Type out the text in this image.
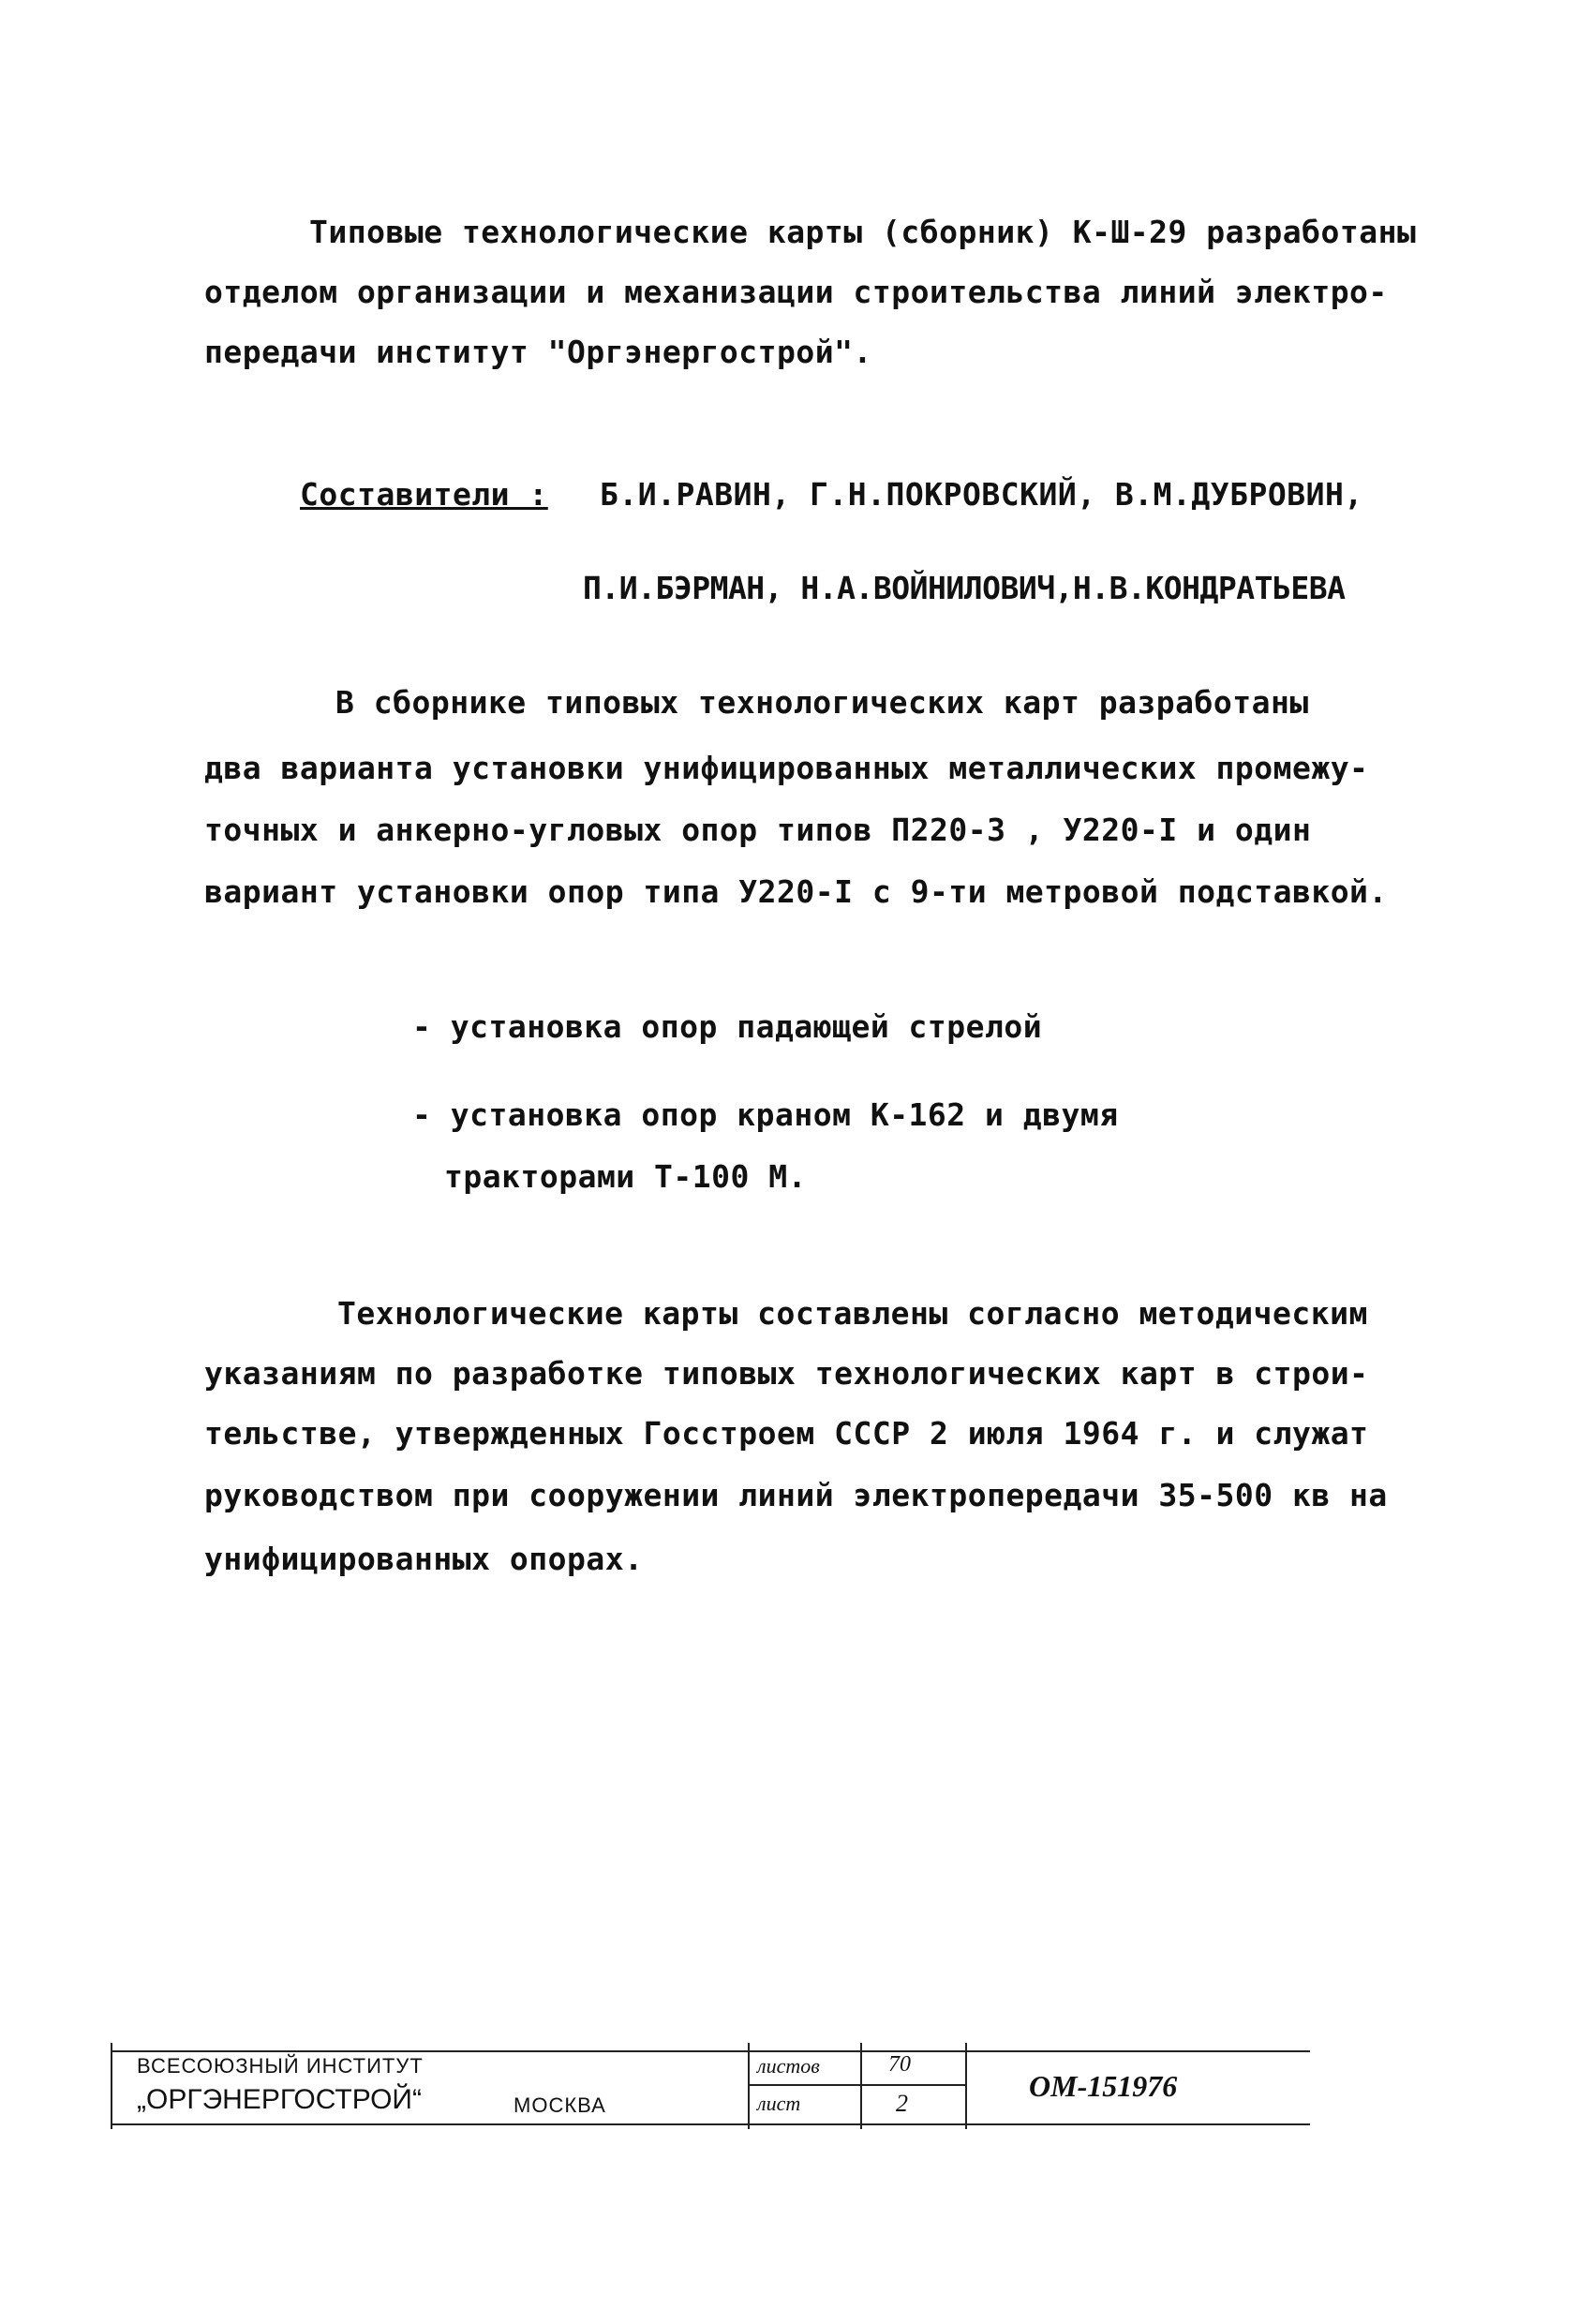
Типовые технологические карты (сборник) К-Ш-29 разработаны
отделом организации и механизации строительства линий электро-
передачи институт "Оргэнергострой".
Составители : Б.И.РАВИН, Г.Н.ПОКРОВСКИЙ, В.М.ДУБРОВИН,
П.И.БЭРМАН, Н.А.ВОЙНИЛОВИЧ,Н.В.КОНДРАТЬЕВА
В сборнике типовых технологических карт разработаны
два варианта установки унифицированных металлических промежу-
точных и анкерно-угловых опор типов П220-3 , У220-I и один
вариант установки опор типа У220-I с 9-ти метровой подставкой.
- установка опор падающей стрелой
- установка опор краном К-162 и двумя
тракторами Т-100 М.
Технологические карты составлены согласно методическим
указаниям по разработке типовых технологических карт в строи-
тельстве, утвержденных Госстроем СССР 2 июля 1964 г. и служат
руководством при сооружении линий электропередачи 35-500 кв на
унифицированных опорах.
ВСЕСОЮЗНЫЙ ИНСТИТУТ
„ОРГЭНЕРГОСТРОЙ“	МОСКВА
листов	70
лист	2
ОМ-151976
